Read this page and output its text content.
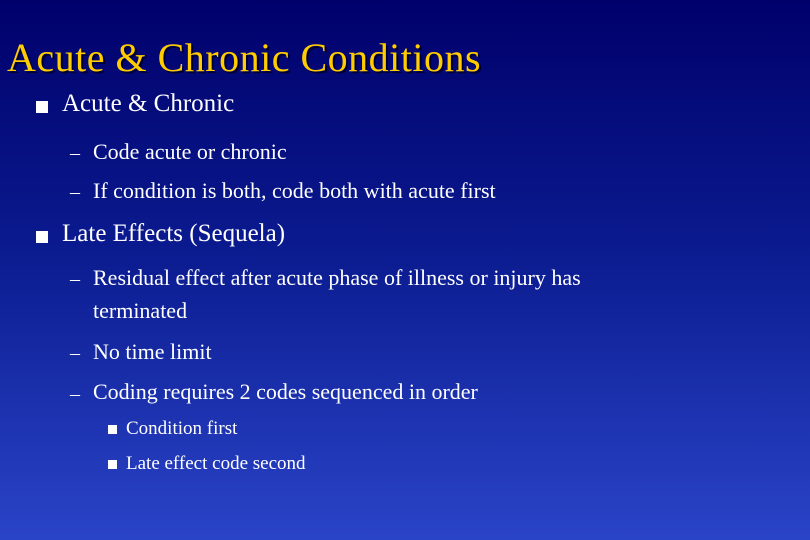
Acute & Chronic Conditions
Acute & Chronic
– Code acute or chronic
– If condition is both, code both with acute first
Late Effects (Sequela)
– Residual effect after acute phase of illness or injury has
terminated
– No time limit
– Coding requires 2 codes sequenced in order
Condition first
Late effect code second
